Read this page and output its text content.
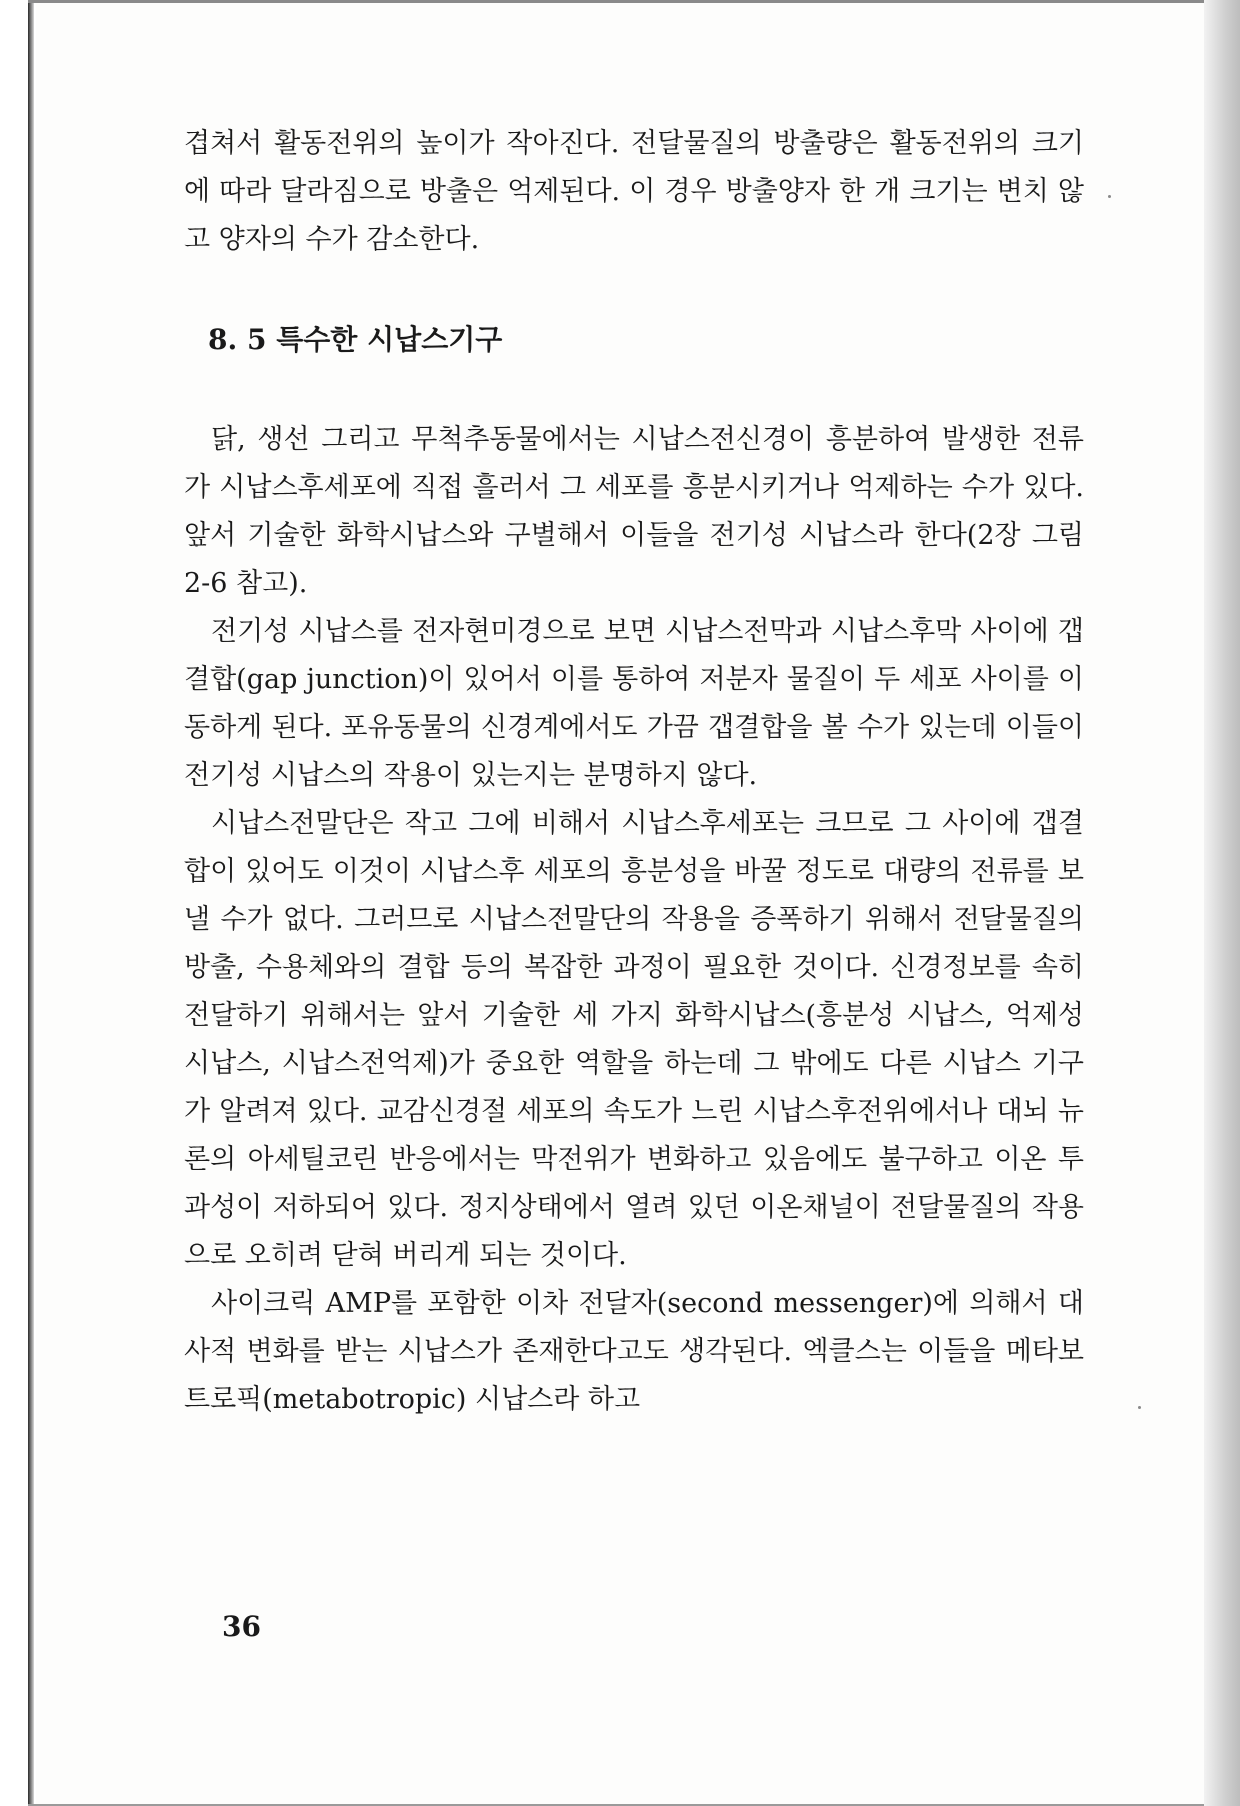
겹쳐서 활동전위의 높이가 작아진다. 전달물질의 방출량은 활동전위의 크기에 따라 달라짐으로 방출은 억제된다. 이 경우 방출양자 한 개 크기는 변치 않고 양자의 수가 감소한다.

8. 5 특수한 시납스기구

닭, 생선 그리고 무척추동물에서는 시납스전신경이 흥분하여 발생한 전류가 시납스후세포에 직접 흘러서 그 세포를 흥분시키거나 억제하는 수가 있다. 앞서 기술한 화학시납스와 구별해서 이들을 전기성 시납스라 한다(2장 그림 2-6 참고).

전기성 시납스를 전자현미경으로 보면 시납스전막과 시납스후막 사이에 갭결합(gap junction)이 있어서 이를 통하여 저분자 물질이 두 세포 사이를 이동하게 된다. 포유동물의 신경계에서도 가끔 갭결합을 볼 수가 있는데 이들이 전기성 시납스의 작용이 있는지는 분명하지 않다.

시납스전말단은 작고 그에 비해서 시납스후세포는 크므로 그 사이에 갭결합이 있어도 이것이 시납스후 세포의 흥분성을 바꿀 정도로 대량의 전류를 보낼 수가 없다. 그러므로 시납스전말단의 작용을 증폭하기 위해서 전달물질의 방출, 수용체와의 결합 등의 복잡한 과정이 필요한 것이다. 신경정보를 속히 전달하기 위해서는 앞서 기술한 세 가지 화학시납스(흥분성 시납스, 억제성 시납스, 시납스전억제)가 중요한 역할을 하는데 그 밖에도 다른 시납스 기구가 알려져 있다. 교감신경절 세포의 속도가 느린 시납스후전위에서나 대뇌 뉴론의 아세틸코린 반응에서는 막전위가 변화하고 있음에도 불구하고 이온 투과성이 저하되어 있다. 정지상태에서 열려 있던 이온채널이 전달물질의 작용으로 오히려 닫혀 버리게 되는 것이다.

사이크릭 AMP를 포함한 이차 전달자(second messenger)에 의해서 대사적 변화를 받는 시납스가 존재한다고도 생각된다. 엑클스는 이들을 메타보트로픽(metabotropic) 시납스라 하고

36
